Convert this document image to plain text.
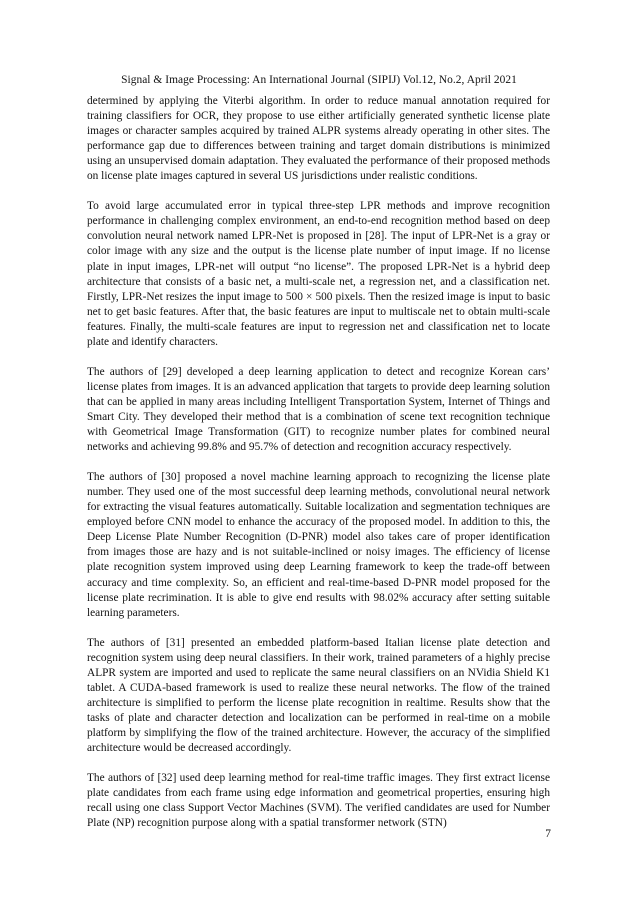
Signal & Image Processing: An International Journal (SIPIJ) Vol.12, No.2, April 2021

determined by applying the Viterbi algorithm. In order to reduce manual annotation required for training classifiers for OCR, they propose to use either artificially generated synthetic license plate images or character samples acquired by trained ALPR systems already operating in other sites. The performance gap due to differences between training and target domain distributions is minimized using an unsupervised domain adaptation. They evaluated the performance of their proposed methods on license plate images captured in several US jurisdictions under realistic conditions.

To avoid large accumulated error in typical three-step LPR methods and improve recognition performance in challenging complex environment, an end-to-end recognition method based on deep convolution neural network named LPR-Net is proposed in [28]. The input of LPR-Net is a gray or color image with any size and the output is the license plate number of input image. If no license plate in input images, LPR-net will output “no license”. The proposed LPR-Net is a hybrid deep architecture that consists of a basic net, a multi-scale net, a regression net, and a classification net. Firstly, LPR-Net resizes the input image to 500 × 500 pixels. Then the resized image is input to basic net to get basic features. After that, the basic features are input to multiscale net to obtain multi-scale features. Finally, the multi-scale features are input to regression net and classification net to locate plate and identify characters.

The authors of [29] developed a deep learning application to detect and recognize Korean cars’ license plates from images. It is an advanced application that targets to provide deep learning solution that can be applied in many areas including Intelligent Transportation System, Internet of Things and Smart City. They developed their method that is a combination of scene text recognition technique with Geometrical Image Transformation (GIT) to recognize number plates for combined neural networks and achieving 99.8% and 95.7% of detection and recognition accuracy respectively.

The authors of [30] proposed a novel machine learning approach to recognizing the license plate number. They used one of the most successful deep learning methods, convolutional neural network for extracting the visual features automatically. Suitable localization and segmentation techniques are employed before CNN model to enhance the accuracy of the proposed model. In addition to this, the Deep License Plate Number Recognition (D-PNR) model also takes care of proper identification from images those are hazy and is not suitable-inclined or noisy images. The efficiency of license plate recognition system improved using deep Learning framework to keep the trade-off between accuracy and time complexity. So, an efficient and real-time-based D-PNR model proposed for the license plate recrimination. It is able to give end results with 98.02% accuracy after setting suitable learning parameters.

The authors of [31] presented an embedded platform-based Italian license plate detection and recognition system using deep neural classifiers. In their work, trained parameters of a highly precise ALPR system are imported and used to replicate the same neural classifiers on an NVidia Shield K1 tablet. A CUDA-based framework is used to realize these neural networks. The flow of the trained architecture is simplified to perform the license plate recognition in realtime. Results show that the tasks of plate and character detection and localization can be performed in real-time on a mobile platform by simplifying the flow of the trained architecture. However, the accuracy of the simplified architecture would be decreased accordingly.

The authors of [32] used deep learning method for real-time traffic images. They first extract license plate candidates from each frame using edge information and geometrical properties, ensuring high recall using one class Support Vector Machines (SVM). The verified candidates are used for Number Plate (NP) recognition purpose along with a spatial transformer network (STN)

7
